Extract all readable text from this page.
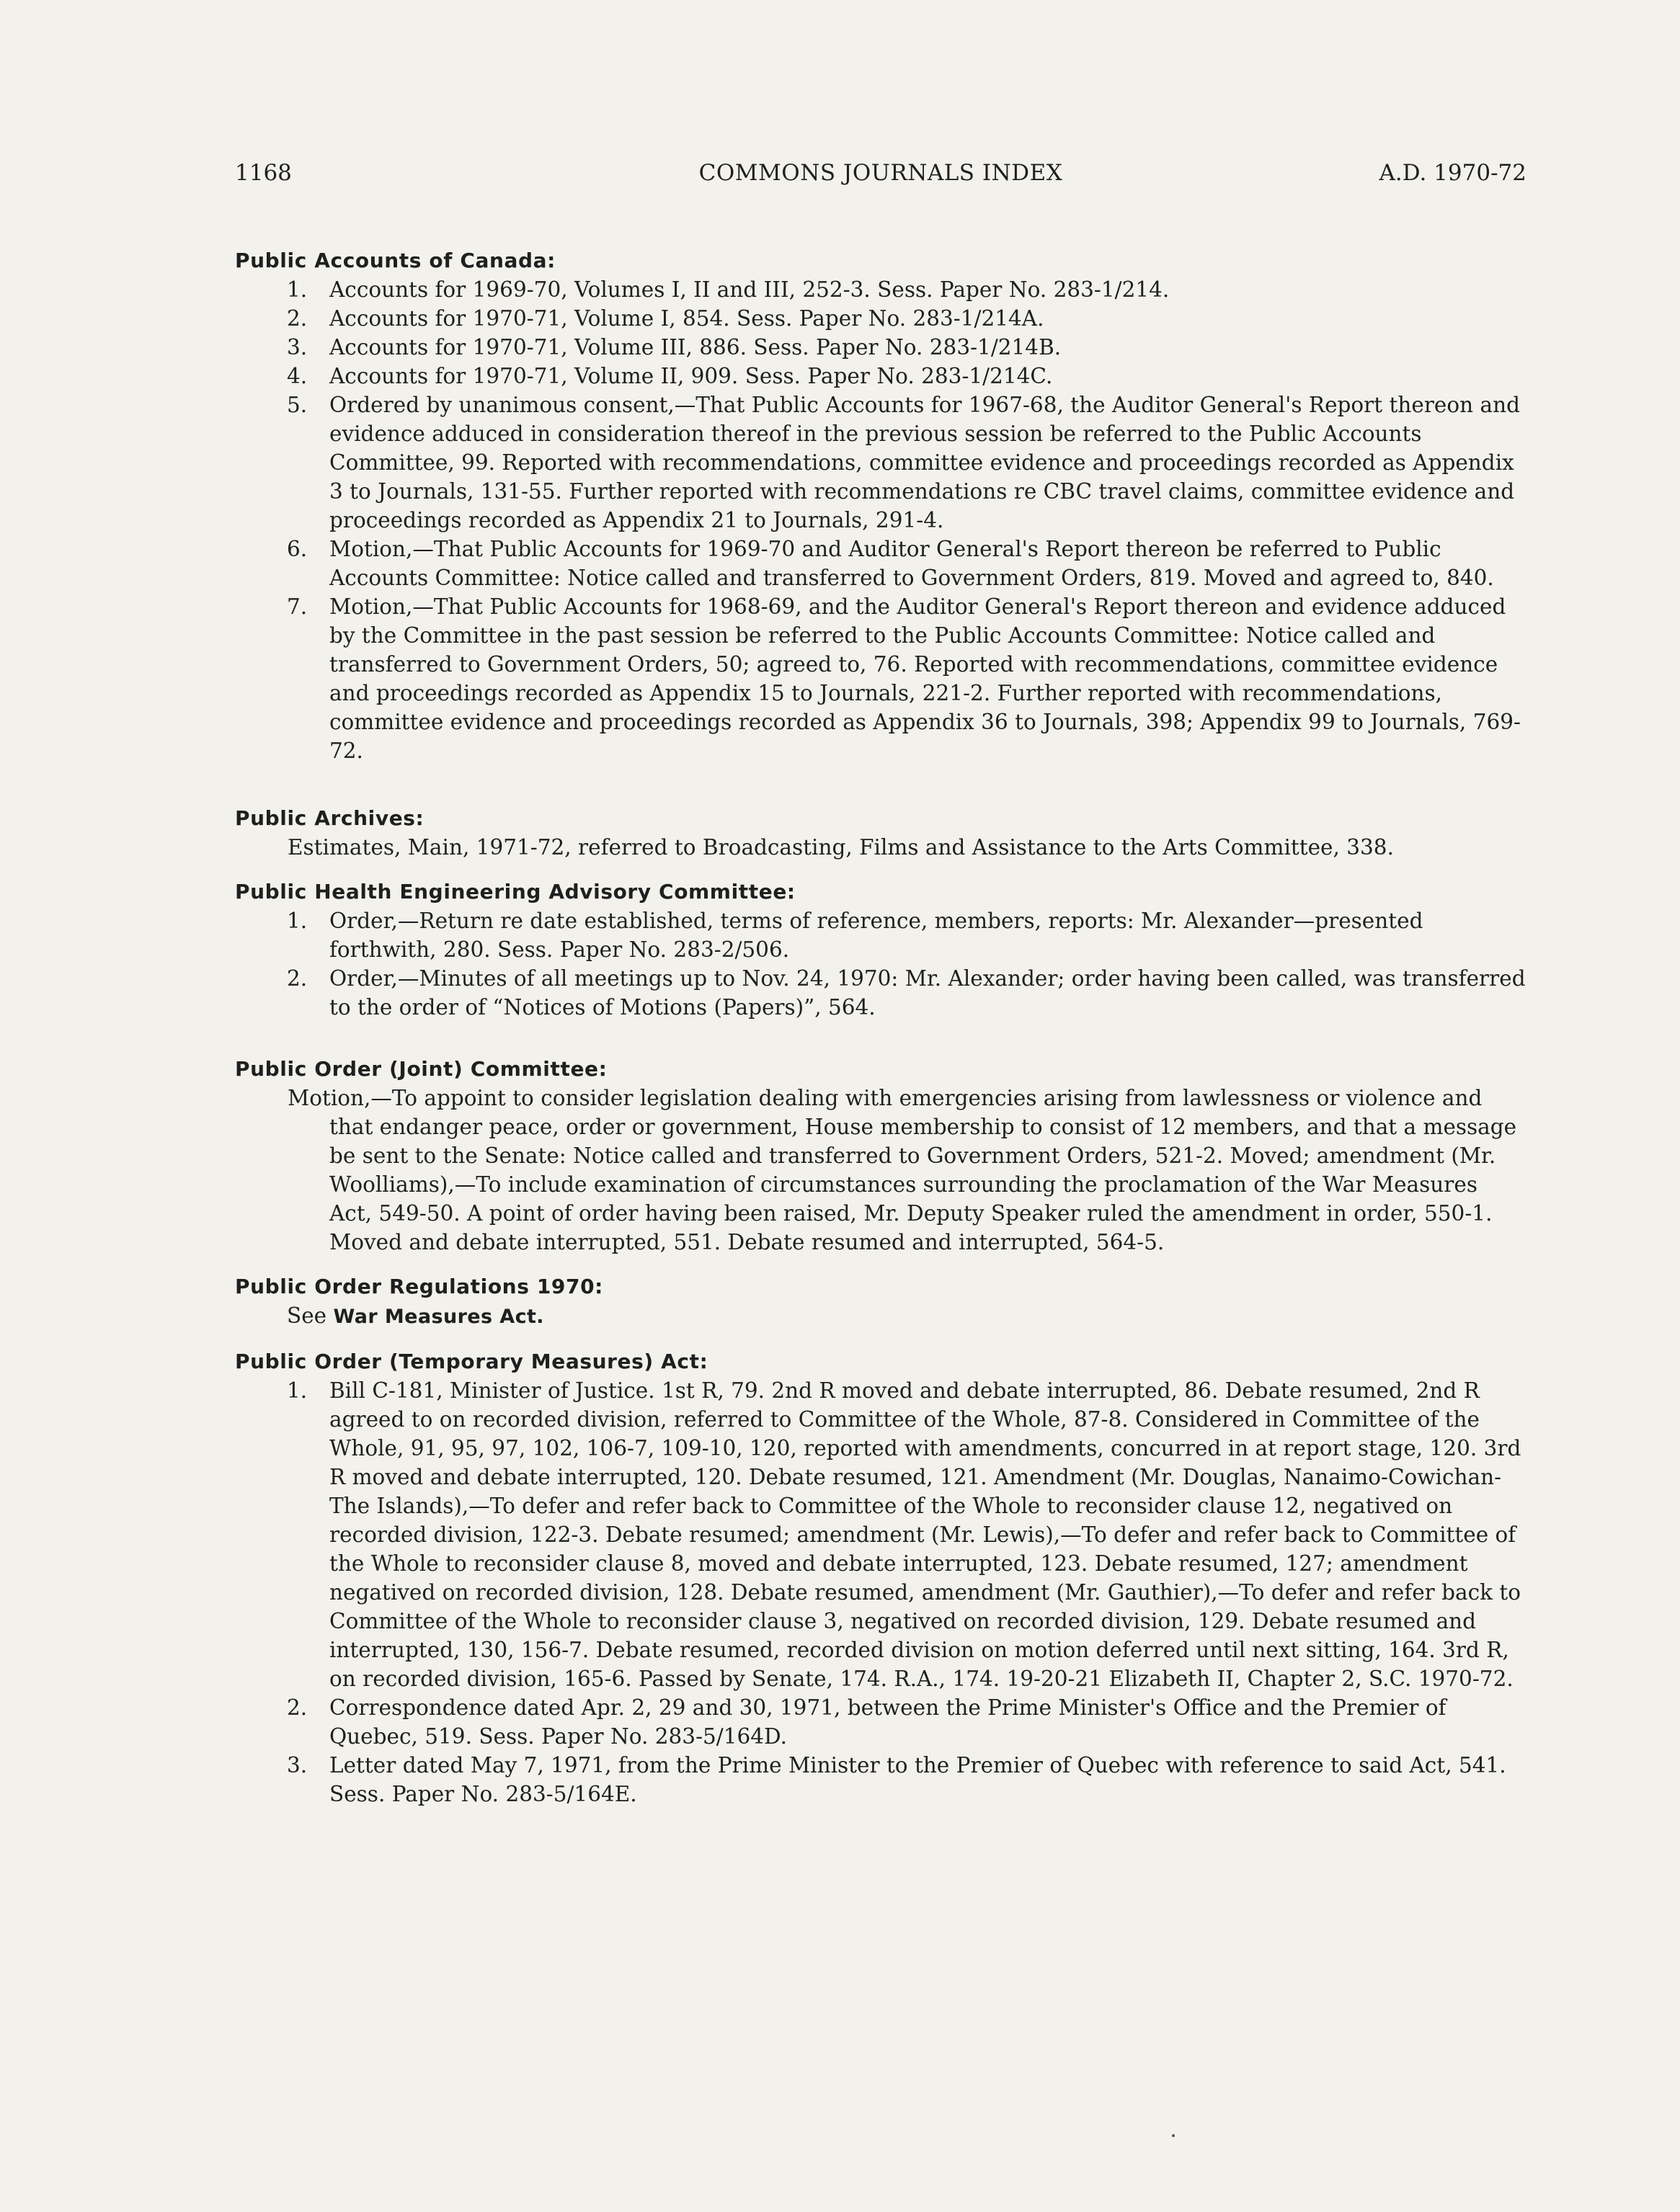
1168	COMMONS JOURNALS INDEX	A.D. 1970-72
Public Accounts of Canada:
1.	Accounts for 1969-70, Volumes I, II and III, 252-3. Sess. Paper No. 283-1/214.
2.	Accounts for 1970-71, Volume I, 854. Sess. Paper No. 283-1/214A.
3.	Accounts for 1970-71, Volume III, 886. Sess. Paper No. 283-1/214B.
4.	Accounts for 1970-71, Volume II, 909. Sess. Paper No. 283-1/214C.
5.	Ordered by unanimous consent,—That Public Accounts for 1967-68, the Auditor General's Report thereon and evidence adduced in consideration thereof in the previous session be referred to the Public Accounts Committee, 99. Reported with recommendations, committee evidence and proceedings recorded as Appendix 3 to Journals, 131-55. Further reported with recommendations re CBC travel claims, committee evidence and proceedings recorded as Appendix 21 to Journals, 291-4.
6.	Motion,—That Public Accounts for 1969-70 and Auditor General's Report thereon be referred to Public Accounts Committee: Notice called and transferred to Government Orders, 819. Moved and agreed to, 840.
7.	Motion,—That Public Accounts for 1968-69, and the Auditor General's Report thereon and evidence adduced by the Committee in the past session be referred to the Public Accounts Committee: Notice called and transferred to Government Orders, 50; agreed to, 76. Reported with recommendations, committee evidence and proceedings recorded as Appendix 15 to Journals, 221-2. Further reported with recommendations, committee evidence and proceedings recorded as Appendix 36 to Journals, 398; Appendix 99 to Journals, 769-72.
Public Archives:
Estimates, Main, 1971-72, referred to Broadcasting, Films and Assistance to the Arts Committee, 338.
Public Health Engineering Advisory Committee:
1.	Order,—Return re date established, terms of reference, members, reports: Mr. Alexander—presented forthwith, 280. Sess. Paper No. 283-2/506.
2.	Order,—Minutes of all meetings up to Nov. 24, 1970: Mr. Alexander; order having been called, was transferred to the order of “Notices of Motions (Papers)”, 564.
Public Order (Joint) Committee:
Motion,—To appoint to consider legislation dealing with emergencies arising from lawlessness or violence and that endanger peace, order or government, House membership to consist of 12 members, and that a message be sent to the Senate: Notice called and transferred to Government Orders, 521-2. Moved; amendment (Mr. Woolliams),—To include examination of circumstances surrounding the proclamation of the War Measures Act, 549-50. A point of order having been raised, Mr. Deputy Speaker ruled the amendment in order, 550-1. Moved and debate interrupted, 551. Debate resumed and interrupted, 564-5.
Public Order Regulations 1970:
See War Measures Act.
Public Order (Temporary Measures) Act:
1.	Bill C-181, Minister of Justice. 1st R, 79. 2nd R moved and debate interrupted, 86. Debate resumed, 2nd R agreed to on recorded division, referred to Committee of the Whole, 87-8. Considered in Committee of the Whole, 91, 95, 97, 102, 106-7, 109-10, 120, reported with amendments, concurred in at report stage, 120. 3rd R moved and debate interrupted, 120. Debate resumed, 121. Amendment (Mr. Douglas, Nanaimo-Cowichan-The Islands),—To defer and refer back to Committee of the Whole to reconsider clause 12, negatived on recorded division, 122-3. Debate resumed; amendment (Mr. Lewis),—To defer and refer back to Committee of the Whole to reconsider clause 8, moved and debate interrupted, 123. Debate resumed, 127; amendment negatived on recorded division, 128. Debate resumed, amendment (Mr. Gauthier),—To defer and refer back to Committee of the Whole to reconsider clause 3, negatived on recorded division, 129. Debate resumed and interrupted, 130, 156-7. Debate resumed, recorded division on motion deferred until next sitting, 164. 3rd R, on recorded division, 165-6. Passed by Senate, 174. R.A., 174. 19-20-21 Elizabeth II, Chapter 2, S.C. 1970-72.
2.	Correspondence dated Apr. 2, 29 and 30, 1971, between the Prime Minister's Office and the Premier of Quebec, 519. Sess. Paper No. 283-5/164D.
3.	Letter dated May 7, 1971, from the Prime Minister to the Premier of Quebec with reference to said Act, 541. Sess. Paper No. 283-5/164E.
